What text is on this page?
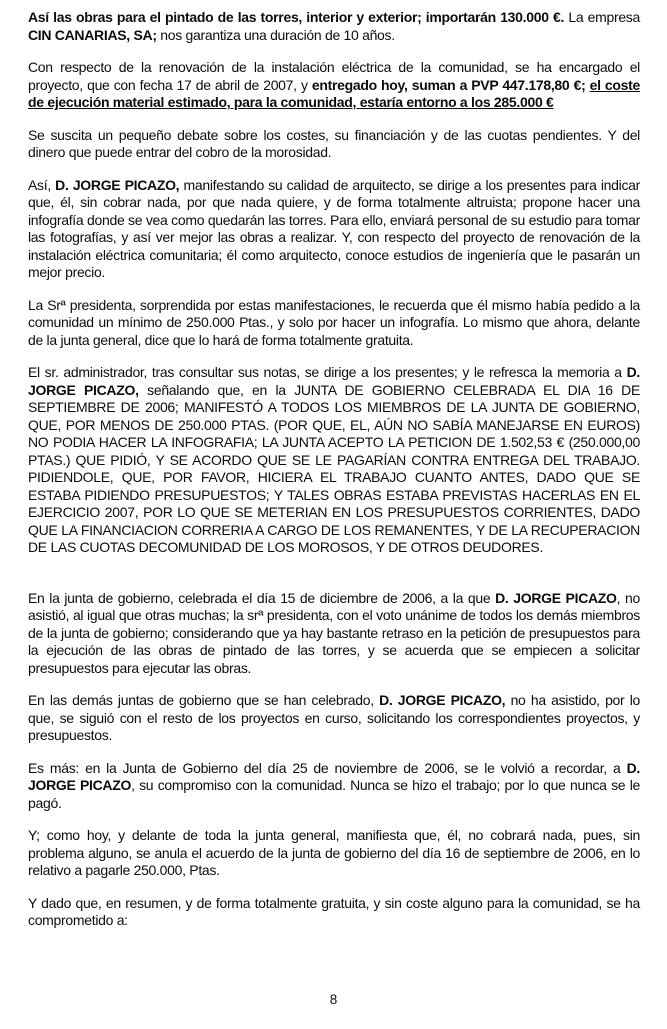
Así las obras para el pintado de las torres, interior y exterior; importarán 130.000 €. La empresa CIN CANARIAS, SA; nos garantiza una duración de 10 años.

Con respecto de la renovación de la instalación eléctrica de la comunidad, se ha encargado el proyecto, que con fecha 17 de abril de 2007, y entregado hoy, suman a PVP 447.178,80 €; el coste de ejecución material estimado, para la comunidad, estaría entorno a los 285.000 €

Se suscita un pequeño debate sobre los costes, su financiación y de las cuotas pendientes. Y del dinero que puede entrar del cobro de la morosidad.

Así, D. JORGE PICAZO, manifestando su calidad de arquitecto, se dirige a los presentes para indicar que, él, sin cobrar nada, por que nada quiere, y de forma totalmente altruista; propone hacer una infografía donde se vea como quedarán las torres. Para ello, enviará personal de su estudio para tomar las fotografías, y así ver mejor las obras a realizar. Y, con respecto del proyecto de renovación de la instalación eléctrica comunitaria; él como arquitecto, conoce estudios de ingeniería que le pasarán un mejor precio.

La Srª presidenta, sorprendida por estas manifestaciones, le recuerda que él mismo había pedido a la comunidad un mínimo de 250.000 Ptas., y solo por hacer un infografía. Lo mismo que ahora, delante de la junta general, dice que lo hará de forma totalmente gratuita.

El sr. administrador, tras consultar sus notas, se dirige a los presentes; y le refresca la memoria a D. JORGE PICAZO, señalando que, en la JUNTA DE GOBIERNO CELEBRADA EL DIA 16 DE SEPTIEMBRE DE 2006; MANIFESTÓ A TODOS LOS MIEMBROS DE LA JUNTA DE GOBIERNO, QUE, POR MENOS DE 250.000 PTAS. (POR QUE, EL, AÚN NO SABÍA MANEJARSE EN EUROS) NO PODIA HACER LA INFOGRAFIA; LA JUNTA ACEPTO LA PETICION DE 1.502,53 € (250.000,00 PTAS.) QUE PIDIÓ, Y SE ACORDO QUE SE LE PAGARÍAN CONTRA ENTREGA DEL TRABAJO. PIDIENDOLE, QUE, POR FAVOR, HICIERA EL TRABAJO CUANTO ANTES, DADO QUE SE ESTABA PIDIENDO PRESUPUESTOS; Y TALES OBRAS ESTABA PREVISTAS HACERLAS EN EL EJERCICIO 2007, POR LO QUE SE METERIAN EN LOS PRESUPUESTOS CORRIENTES, DADO QUE LA FINANCIACION CORRERIA A CARGO DE LOS REMANENTES, Y DE LA RECUPERACION DE LAS CUOTAS DECOMUNIDAD DE LOS MOROSOS, Y DE OTROS DEUDORES.

En la junta de gobierno, celebrada el día 15 de diciembre de 2006, a la que D. JORGE PICAZO, no asistió, al igual que otras muchas; la srª presidenta, con el voto unánime de todos los demás miembros de la junta de gobierno; considerando que ya hay bastante retraso en la petición de presupuestos para la ejecución de las obras de pintado de las torres, y se acuerda que se empiecen a solicitar presupuestos para ejecutar las obras.

En las demás juntas de gobierno que se han celebrado, D. JORGE PICAZO, no ha asistido, por lo que, se siguió con el resto de los proyectos en curso, solicitando los correspondientes proyectos, y presupuestos.

Es más: en la Junta de Gobierno del día 25 de noviembre de 2006, se le volvió a recordar, a D. JORGE PICAZO, su compromiso con la comunidad. Nunca se hizo el trabajo; por lo que nunca se le pagó.

Y; como hoy, y delante de toda la junta general, manifiesta que, él, no cobrará nada, pues, sin problema alguno, se anula el acuerdo de la junta de gobierno del día 16 de septiembre de 2006, en lo relativo a pagarle 250.000, Ptas.

Y dado que, en resumen, y de forma totalmente gratuita, y sin coste alguno para la comunidad, se ha comprometido a:

8
